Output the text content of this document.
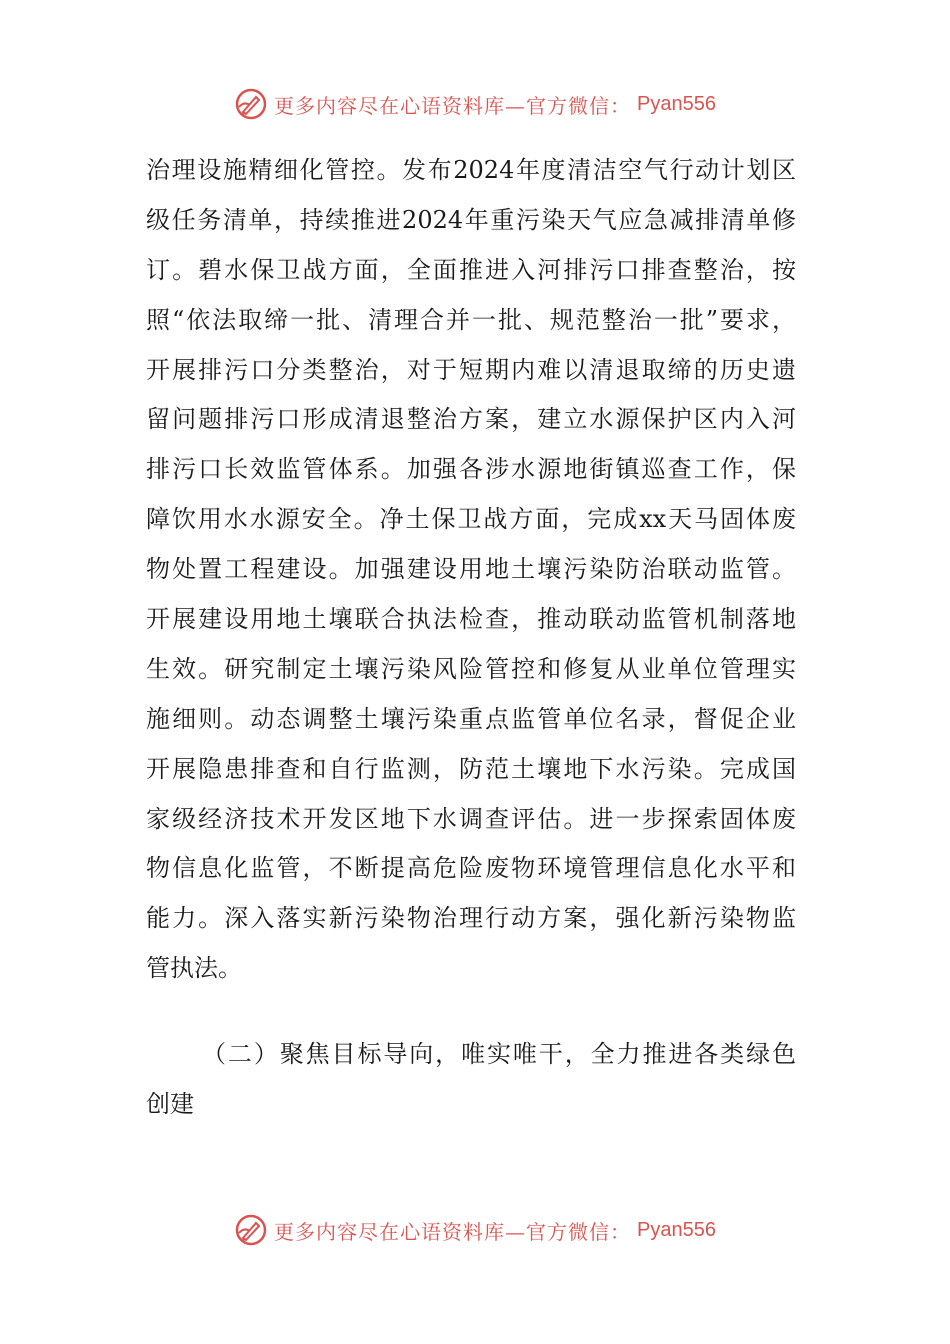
更多内容尽在心语资料库—官方微信： Pyan556
治理设施精细化管控。发布2024年度清洁空气行动计划区
级任务清单，持续推进2024年重污染天气应急减排清单修
订。碧水保卫战方面，全面推进入河排污口排查整治，按
照“依法取缔一批、清理合并一批、规范整治一批”要求，
开展排污口分类整治，对于短期内难以清退取缔的历史遗
留问题排污口形成清退整治方案，建立水源保护区内入河
排污口长效监管体系。加强各涉水源地街镇巡查工作，保
障饮用水水源安全。净土保卫战方面，完成xx天马固体废
物处置工程建设。加强建设用地土壤污染防治联动监管。
开展建设用地土壤联合执法检查，推动联动监管机制落地
生效。研究制定土壤污染风险管控和修复从业单位管理实
施细则。动态调整土壤污染重点监管单位名录，督促企业
开展隐患排查和自行监测，防范土壤地下水污染。完成国
家级经济技术开发区地下水调查评估。进一步探索固体废
物信息化监管，不断提高危险废物环境管理信息化水平和
能力。深入落实新污染物治理行动方案，强化新污染物监
管执法。
（二）聚焦目标导向，唯实唯干，全力推进各类绿色
创建
更多内容尽在心语资料库—官方微信： Pyan556
